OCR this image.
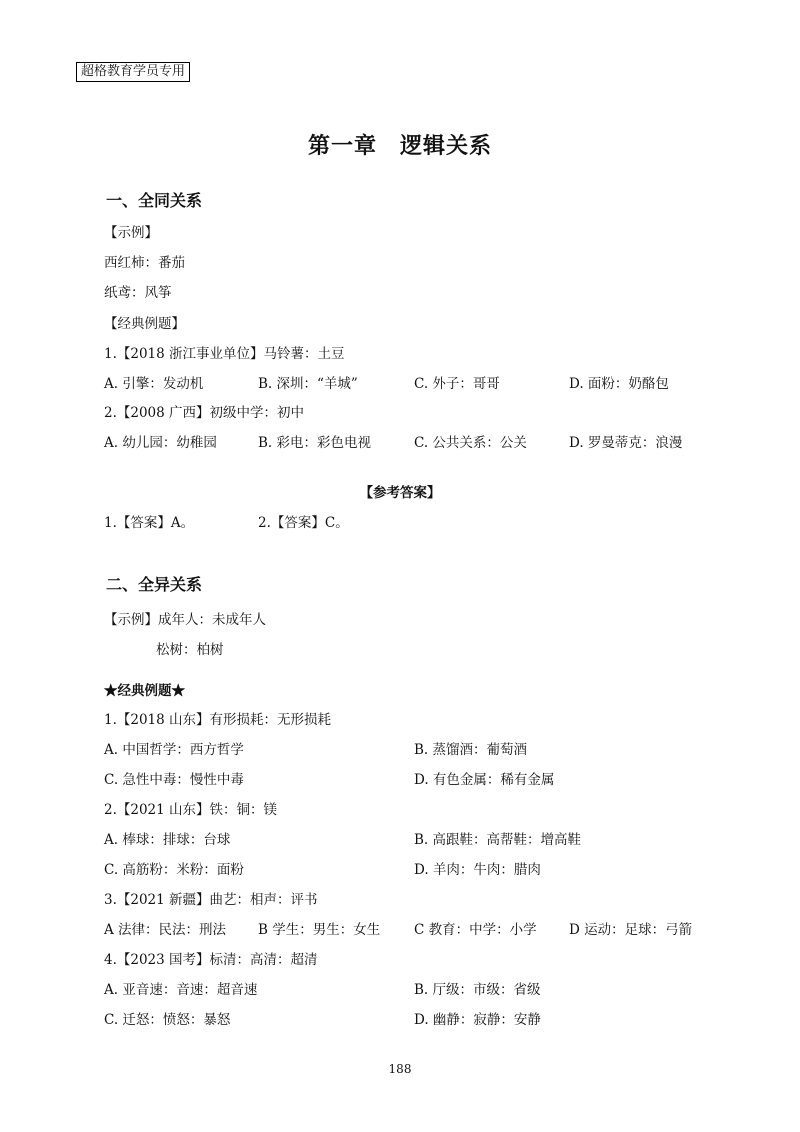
超格教育学员专用
第一章　逻辑关系
一、全同关系
【示例】
西红柿：番茄
纸鸢：风筝
【经典例题】
1.【2018 浙江事业单位】马铃薯：土豆
A. 引擎：发动机	B. 深圳：“羊城”	C. 外子：哥哥	D. 面粉：奶酪包
2.【2008 广西】初级中学：初中
A. 幼儿园：幼稚园	B. 彩电：彩色电视	C. 公共关系：公关	D. 罗曼蒂克：浪漫
【参考答案】
1.【答案】A。	2.【答案】C。
二、全异关系
【示例】成年人：未成年人
松树：柏树
★经典例题★
1.【2018 山东】有形损耗：无形损耗
A. 中国哲学：西方哲学	B. 蒸馏酒：葡萄酒
C. 急性中毒：慢性中毒	D. 有色金属：稀有金属
2.【2021 山东】铁：铜：镁
A. 棒球：排球：台球	B. 高跟鞋：高帮鞋：增高鞋
C. 高筋粉：米粉：面粉	D. 羊肉：牛肉：腊肉
3.【2021 新疆】曲艺：相声：评书
A 法律：民法：刑法 B 学生：男生：女生	C 教育：中学：小学 D 运动：足球：弓箭
4.【2023 国考】标清：高清：超清
A. 亚音速：音速：超音速	B. 厅级：市级：省级
C. 迁怒：愤怒：暴怒	D. 幽静：寂静：安静
188
